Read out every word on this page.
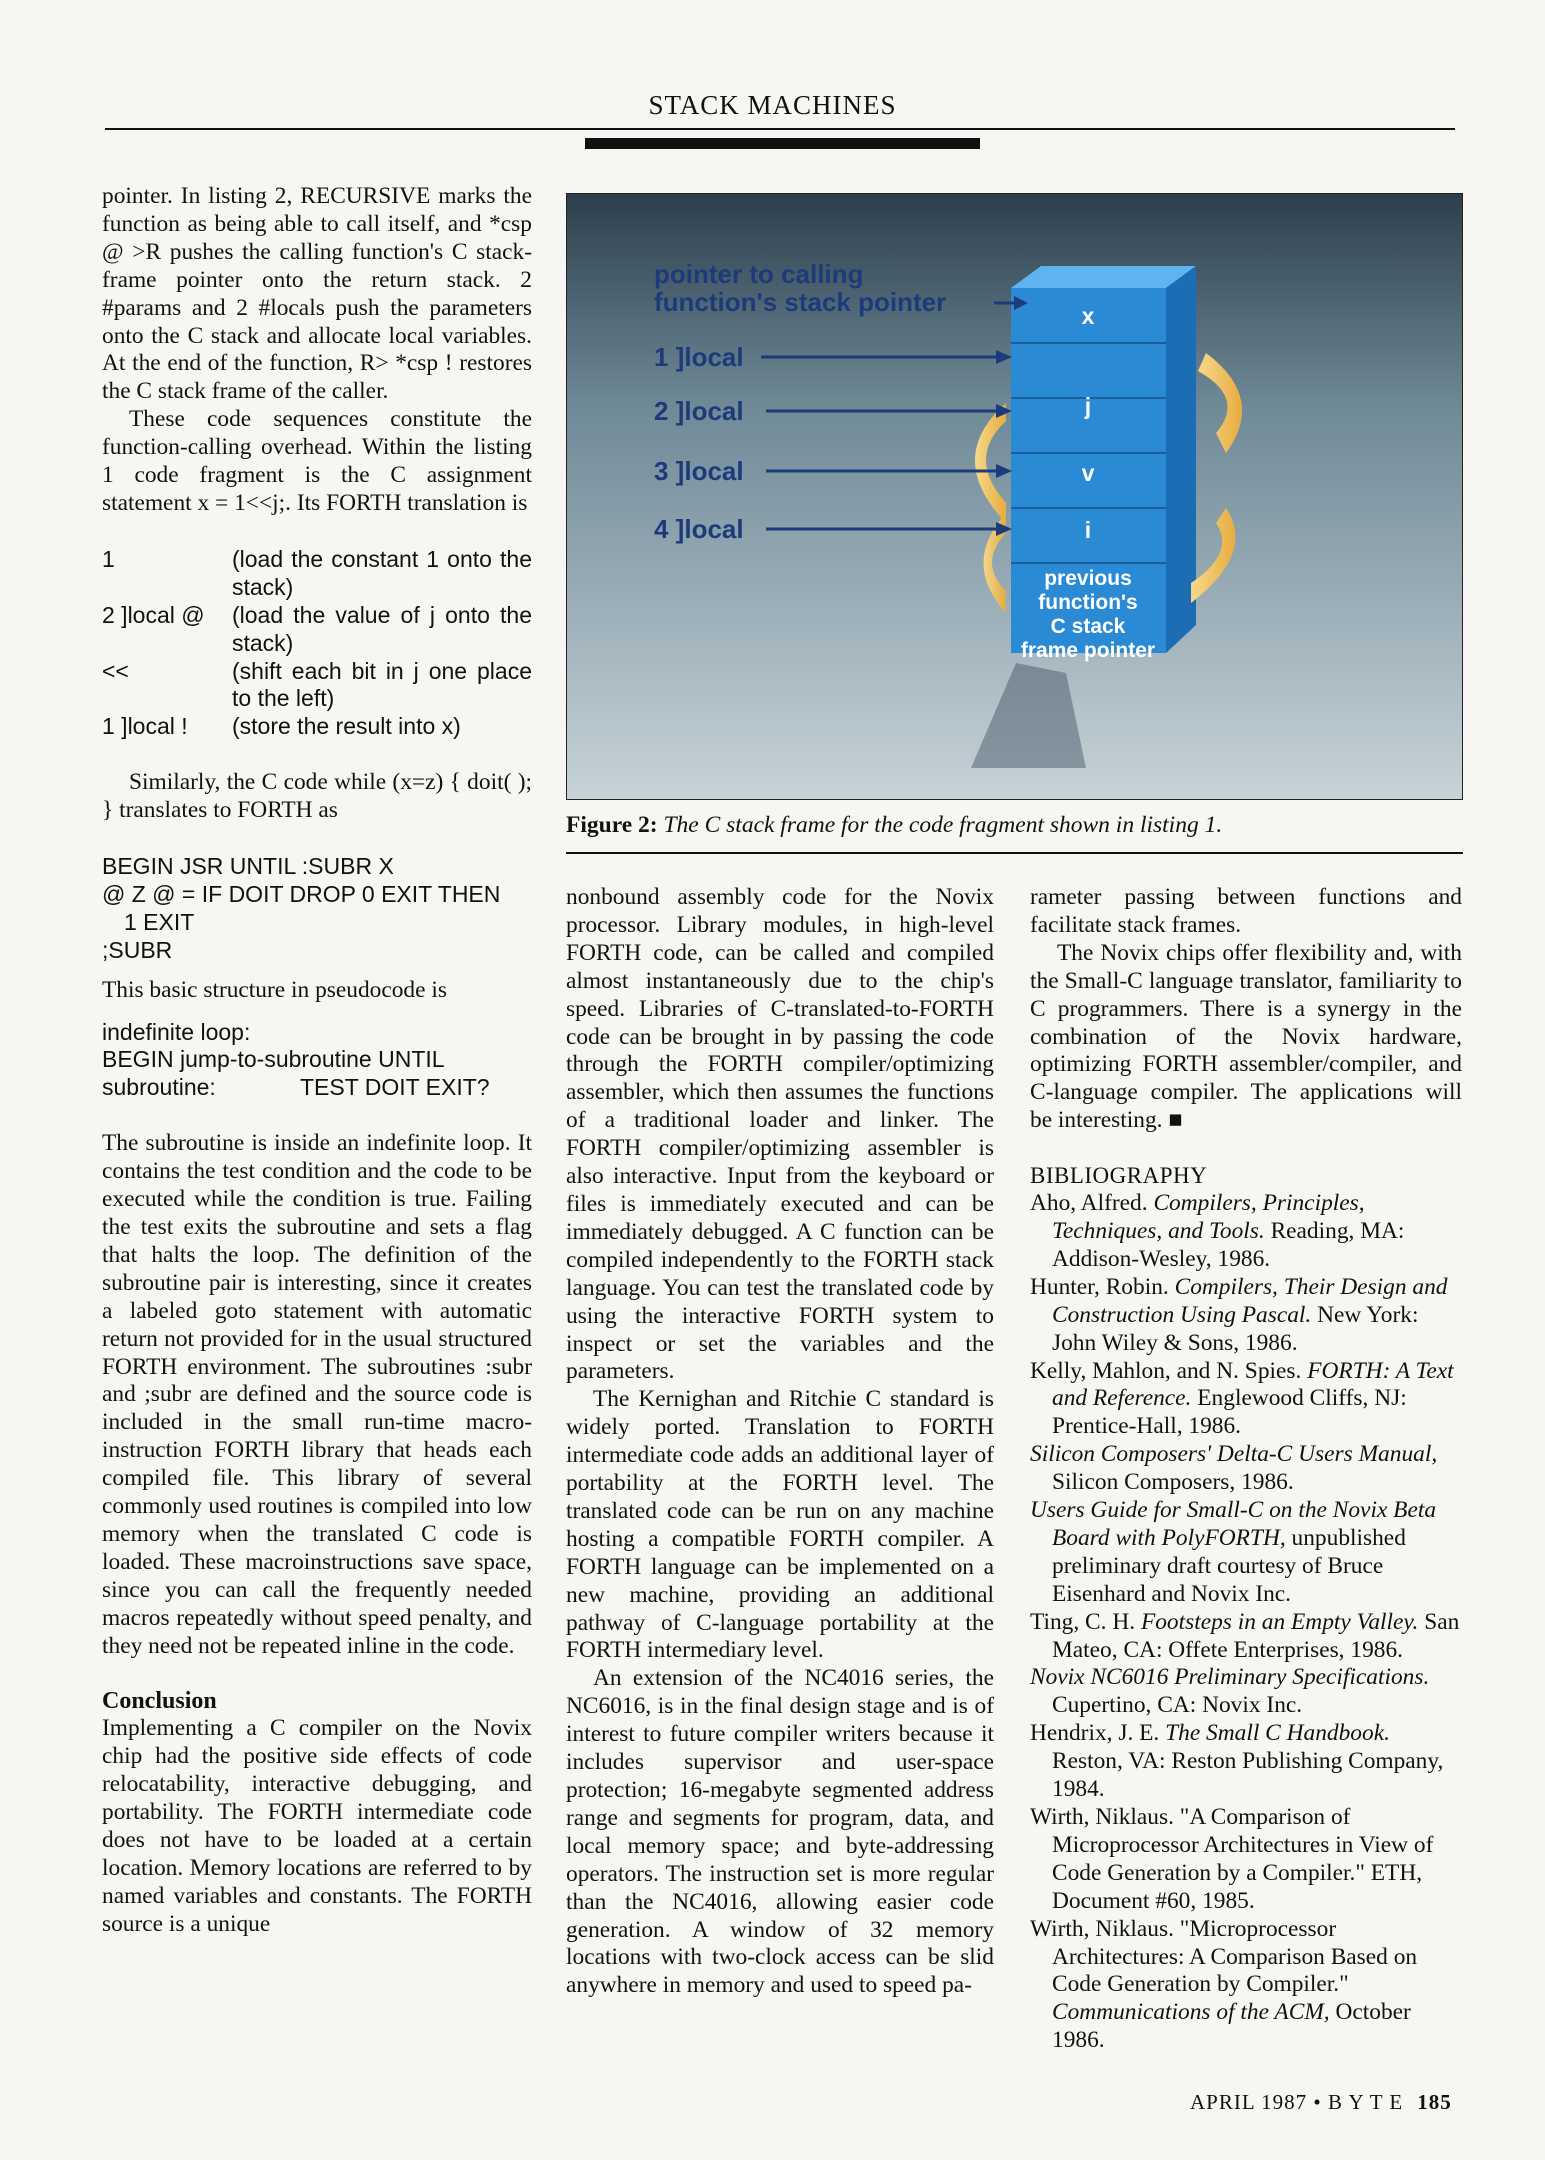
STACK MACHINES

pointer. In listing 2, RECURSIVE marks the function as being able to call itself, and *csp @ >R pushes the calling function's C stack-frame pointer onto the return stack. 2 #params and 2 #locals push the parameters onto the C stack and allocate local variables. At the end of the function, R> *csp ! restores the C stack frame of the caller.

These code sequences constitute the function-calling overhead. Within the listing 1 code fragment is the C assignment statement x = 1<<j;. Its FORTH translation is

1	(load the constant 1 onto the stack)
2 ]local @	(load the value of j onto the stack)
<<	(shift each bit in j one place to the left)
1 ]local !	(store the result into x)

Similarly, the C code while (x=z) { doit( ); } translates to FORTH as

BEGIN JSR UNTIL :SUBR X
@ Z @ = IF DOIT DROP 0 EXIT THEN
1 EXIT
;SUBR

This basic structure in pseudocode is

indefinite loop:
BEGIN jump-to-subroutine UNTIL
subroutine:	TEST DOIT EXIT?

The subroutine is inside an indefinite loop. It contains the test condition and the code to be executed while the condition is true. Failing the test exits the subroutine and sets a flag that halts the loop. The definition of the subroutine pair is interesting, since it creates a labeled goto statement with automatic return not provided for in the usual structured FORTH environment. The subroutines :subr and ;subr are defined and the source code is included in the small run-time macro-instruction FORTH library that heads each compiled file. This library of several commonly used routines is compiled into low memory when the translated C code is loaded. These macroinstructions save space, since you can call the frequently needed macros repeatedly without speed penalty, and they need not be repeated inline in the code.

Conclusion

Implementing a C compiler on the Novix chip had the positive side effects of code relocatability, interactive debugging, and portability. The FORTH intermediate code does not have to be loaded at a certain location. Memory locations are referred to by named variables and constants. The FORTH source is a unique

pointer to calling
function's stack pointer
1 ]local
2 ]local
3 ]local
4 ]local
x
j
v
i
previous
function's
C stack
frame pointer
Figure 2: The C stack frame for the code fragment shown in listing 1.

nonbound assembly code for the Novix processor. Library modules, in high-level FORTH code, can be called and compiled almost instantaneously due to the chip's speed. Libraries of C-translated-to-FORTH code can be brought in by passing the code through the FORTH compiler/optimizing assembler, which then assumes the functions of a traditional loader and linker. The FORTH compiler/optimizing assembler is also interactive. Input from the keyboard or files is immediately executed and can be immediately debugged. A C function can be compiled independently to the FORTH stack language. You can test the translated code by using the interactive FORTH system to inspect or set the variables and the parameters.

The Kernighan and Ritchie C standard is widely ported. Translation to FORTH intermediate code adds an additional layer of portability at the FORTH level. The translated code can be run on any machine hosting a compatible FORTH compiler. A FORTH language can be implemented on a new machine, providing an additional pathway of C-language portability at the FORTH intermediary level.

An extension of the NC4016 series, the NC6016, is in the final design stage and is of interest to future compiler writers because it includes supervisor and user-space protection; 16-megabyte segmented address range and segments for program, data, and local memory space; and byte-addressing operators. The instruction set is more regular than the NC4016, allowing easier code generation. A window of 32 memory locations with two-clock access can be slid anywhere in memory and used to speed pa-

rameter passing between functions and facilitate stack frames.

The Novix chips offer flexibility and, with the Small-C language translator, familiarity to C programmers. There is a synergy in the combination of the Novix hardware, optimizing FORTH assembler/compiler, and C-language compiler. The applications will be interesting. ■

BIBLIOGRAPHY
Aho, Alfred. Compilers, Principles, Techniques, and Tools. Reading, MA: Addison-Wesley, 1986.
Hunter, Robin. Compilers, Their Design and Construction Using Pascal. New York: John Wiley & Sons, 1986.
Kelly, Mahlon, and N. Spies. FORTH: A Text and Reference. Englewood Cliffs, NJ: Prentice-Hall, 1986.
Silicon Composers' Delta-C Users Manual, Silicon Composers, 1986.
Users Guide for Small-C on the Novix Beta Board with PolyFORTH, unpublished preliminary draft courtesy of Bruce Eisenhard and Novix Inc.
Ting, C. H. Footsteps in an Empty Valley. San Mateo, CA: Offete Enterprises, 1986.
Novix NC6016 Preliminary Specifications. Cupertino, CA: Novix Inc.
Hendrix, J. E. The Small C Handbook. Reston, VA: Reston Publishing Company, 1984.
Wirth, Niklaus. "A Comparison of Microprocessor Architectures in View of Code Generation by a Compiler." ETH, Document #60, 1985.
Wirth, Niklaus. "Microprocessor Architectures: A Comparison Based on Code Generation by Compiler." Communications of the ACM, October 1986.
APRIL 1987 • B Y T E 185
